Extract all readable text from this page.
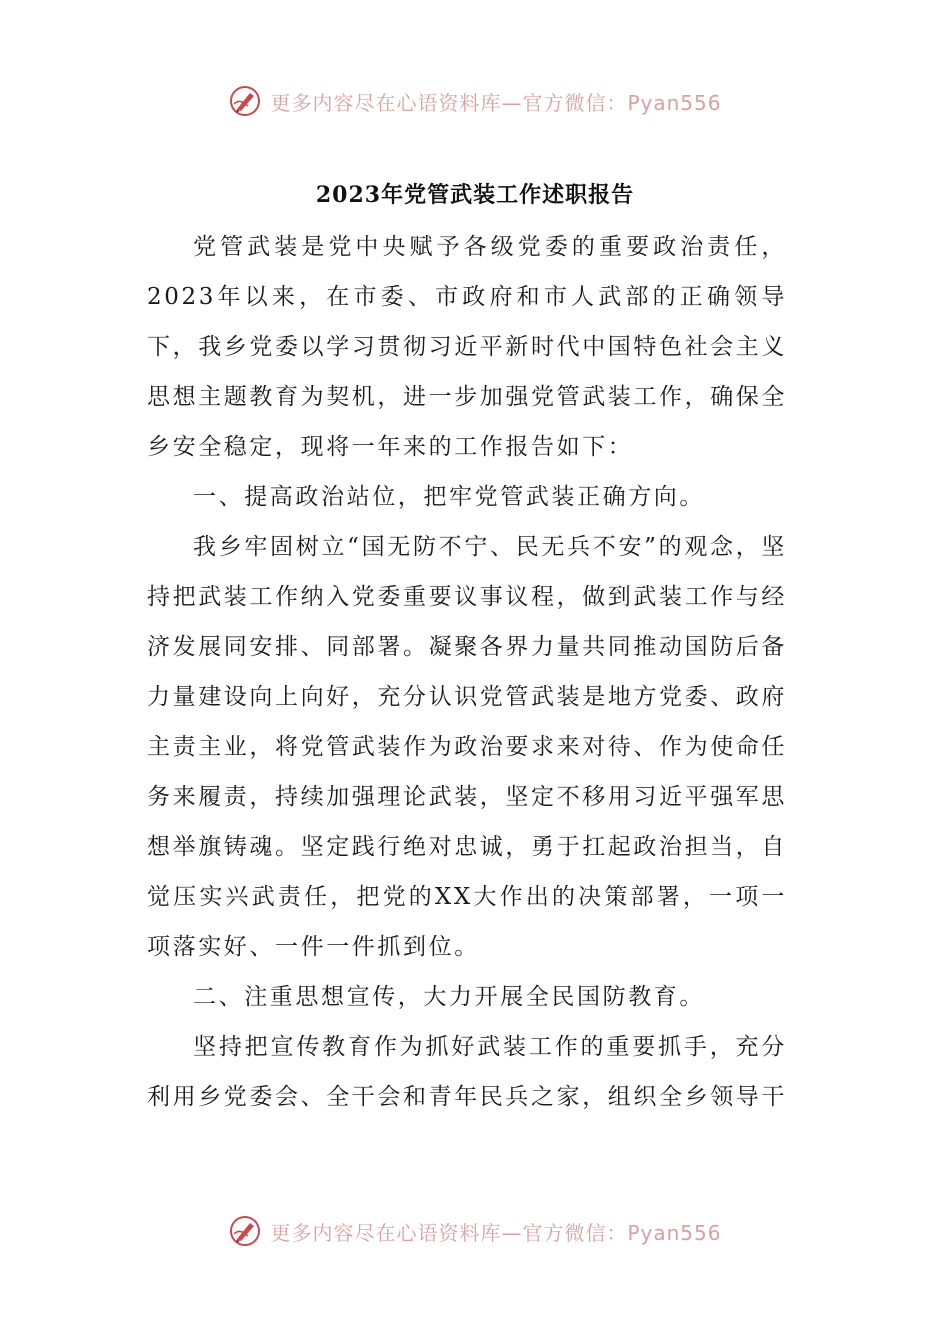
更多内容尽在心语资料库—官方微信：Pyan556
2023年党管武装工作述职报告

党管武装是党中央赋予各级党委的重要政治责任，2023年以来，在市委、市政府和市人武部的正确领导下，我乡党委以学习贯彻习近平新时代中国特色社会主义思想主题教育为契机，进一步加强党管武装工作，确保全乡安全稳定，现将一年来的工作报告如下：

一、提高政治站位，把牢党管武装正确方向。

我乡牢固树立“国无防不宁、民无兵不安”的观念，坚持把武装工作纳入党委重要议事议程，做到武装工作与经济发展同安排、同部署。凝聚各界力量共同推动国防后备力量建设向上向好，充分认识党管武装是地方党委、政府主责主业，将党管武装作为政治要求来对待、作为使命任务来履责，持续加强理论武装，坚定不移用习近平强军思想举旗铸魂。坚定践行绝对忠诚，勇于扛起政治担当，自觉压实兴武责任，把党的XX大作出的决策部署，一项一项落实好、一件一件抓到位。

二、注重思想宣传，大力开展全民国防教育。

坚持把宣传教育作为抓好武装工作的重要抓手，充分利用乡党委会、全干会和青年民兵之家，组织全乡领导干

更多内容尽在心语资料库—官方微信：Pyan556
